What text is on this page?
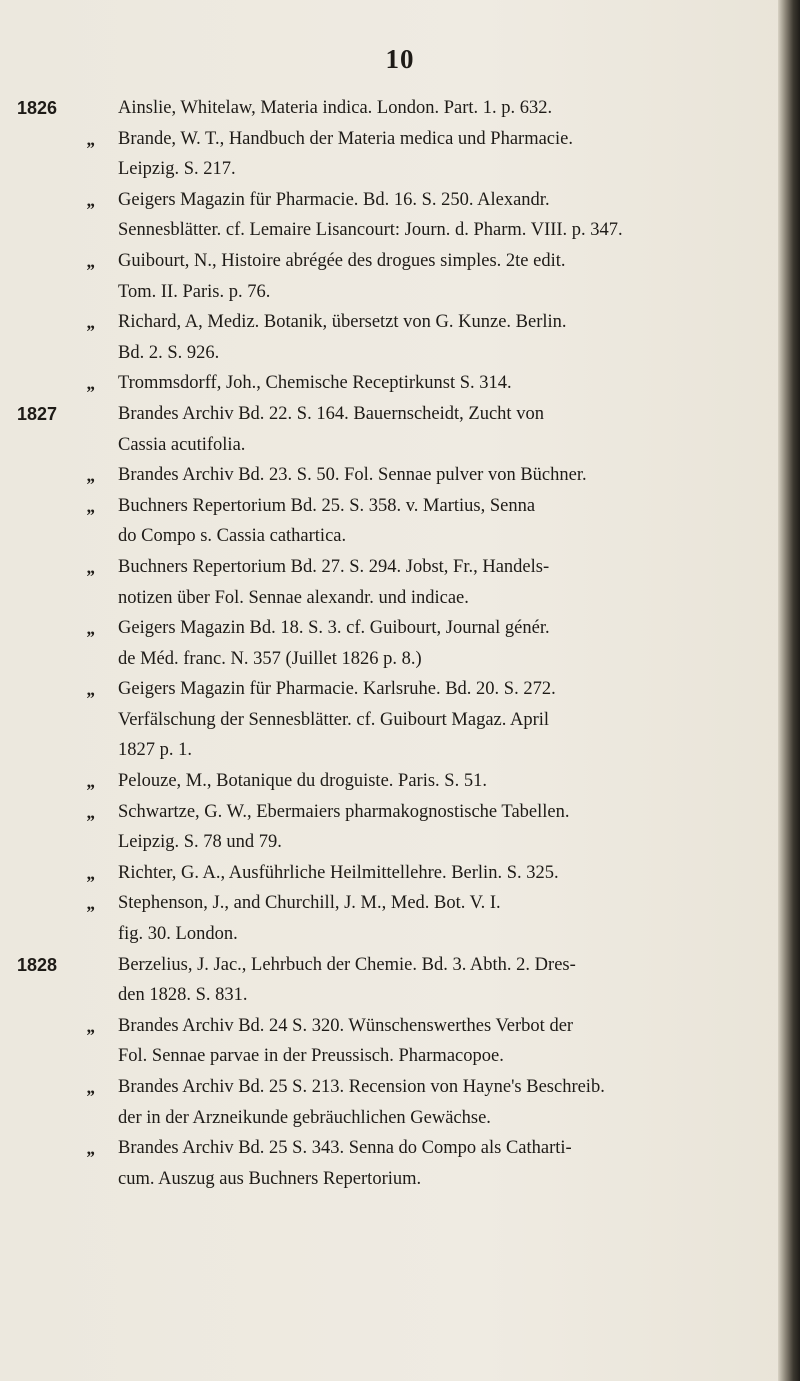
10
1826	Ainslie, Whitelaw, Materia indica. London. Part. 1. p. 632.
„ Brande, W. T., Handbuch der Materia medica und Pharmacie.
Leipzig. S. 217.
„ Geigers Magazin für Pharmacie. Bd. 16. S. 250. Alexandr.
Sennesblätter. cf. Lemaire Lisancourt: Journ. d. Pharm. VIII. p. 347.
„ Guibourt, N., Histoire abrégée des drogues simples. 2te edit.
Tom. II. Paris. p. 76.
„ Richard, A, Mediz. Botanik, übersetzt von G. Kunze. Berlin.
Bd. 2. S. 926.
„ Trommsdorff, Joh., Chemische Receptirkunst S. 314.
1827	Brandes Archiv Bd. 22. S. 164. Bauernscheidt, Zucht von
Cassia acutifolia.
„ Brandes Archiv Bd. 23. S. 50. Fol. Sennae pulver von Büchner.
„ Buchners Repertorium Bd. 25. S. 358. v. Martius, Senna
do Compo s. Cassia cathartica.
„ Buchners Repertorium Bd. 27. S. 294. Jobst, Fr., Handels-
notizen über Fol. Sennae alexandr. und indicae.
„ Geigers Magazin Bd. 18. S. 3. cf. Guibourt, Journal génér.
de Méd. franc. N. 357 (Juillet 1826 p. 8.)
„ Geigers Magazin für Pharmacie. Karlsruhe. Bd. 20. S. 272.
Verfälschung der Sennesblätter. cf. Guibourt Magaz. April
1827 p. 1.
„ Pelouze, M., Botanique du droguiste. Paris. S. 51.
„ Schwartze, G. W., Ebermaiers pharmakognostische Tabellen.
Leipzig. S. 78 und 79.
„ Richter, G. A., Ausführliche Heilmittellehre. Berlin. S. 325.
„ Stephenson, J., and Churchill, J. M., Med. Bot. V. I.
fig. 30. London.
1828	Berzelius, J. Jac., Lehrbuch der Chemie. Bd. 3. Abth. 2. Dres-
den 1828. S. 831.
„ Brandes Archiv Bd. 24 S. 320. Wünschenswerthes Verbot der
Fol. Sennae parvae in der Preussisch. Pharmacopoe.
„ Brandes Archiv Bd. 25 S. 213. Recension von Hayne's Beschreib.
der in der Arzneikunde gebräuchlichen Gewächse.
„ Brandes Archiv Bd. 25 S. 343. Senna do Compo als Catharti-
cum. Auszug aus Buchners Repertorium.
